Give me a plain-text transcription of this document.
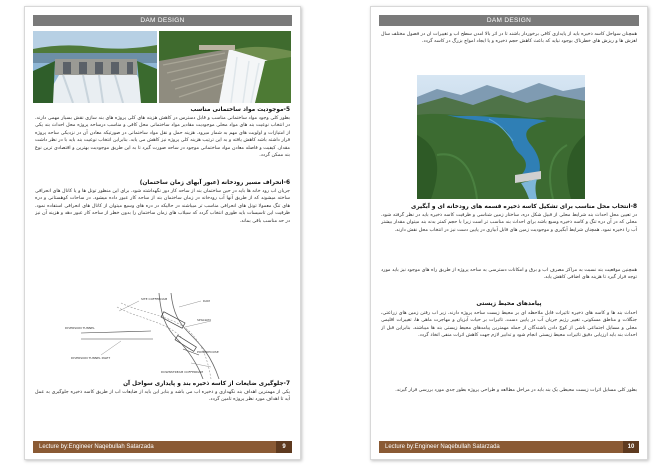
DAM DESIGN

5-موجودیت مواد ساختمانی مناسب

بطور کلی وجود مواد ساختمانی مناسب و قابل دسترس در کاهش هزینه های کلی پروژه های بند سازی نقش بسیار مهمی دارند. در انتخاب نوعیت بند های مواد محلی موجودیت مقادیر مواد ساختمانی محل کافی و مناسب درساحه پروژه محل احداث بند یکی از امتیازات و اولویت های مهم به شمار میرود. هزینه حمل و نقل مواد ساختمانی در صورتیکه معادن آن در نزدیکی ساحه پروژه قرار داشته باشد کاهش یافته و به این ترتیب هزینه کلی پروژه نیز کاهش می یابد. بنابراین انتخاب نوعیت بند باید با در نظر داشت مقدار، کیفیت و فاصله معادن مواد ساختمانی موجود در ساحه صورت گیرد تا به این طریق موجودیت بهترین و اقتصادی ترین نوع بند ممکن گردد.

6-انحراف مسیر رودخانه (عبور آبهای زمان ساختمان)

جریان آب رود خانه ها باید در حین ساختمان بند از ساحه کار دور نگهداشته شود. برای این منظور تونل ها و یا کانال های انحرافی ساخته میشوند که از طریق آنها آب رودخانه در زمان ساختمان بند از ساحه کار عبور داده میشود. در ساحات کوهستانی و دره های تنگ معمولا تونل های انحرافی مناسب تر میباشند در حالیکه در دره های وسیع میتوان از کانال های انحرافی استفاده نمود. ظرفیت این تاسیسات باید طوری انتخاب گردد که سیلاب های زمان ساختمان را بدون خطر از ساحه کار عبور دهد و هزینه آن نیز در حد مناسب باقی بماند.

SITE COFFERDAM
DIVERSION TUNNEL
DAM
SPILLWAY
DIVERSION TUNNEL INLET
DOWNSTREAM COFFERDAM
POWERHOUSE

7-جلوگیری ضایعات از کاسه ذخیره بند و پایداری سواحل آن

یکی از مهمترین اهداف بند نگهداری و ذخیره آب می باشد و بنابر این باید از ضایعات آب از طریق کاسه ذخیره جلوگیری به عمل آید تا اهداف مورد نظر پروژه تامین گردد.

Lecture by:Engineer Naqebullah Satarzada	9
DAM DESIGN

همچنان سواحل کاسه ذخیره باید از پایداری کافی برخوردار باشند تا در اثر بالا آمدن سطح آب و تغییرات آن در فصول مختلف سال لغزش ها و ریزش های خطرناک بوجود نیاید که باعث کاهش حجم ذخیره و یا ایجاد امواج بزرگ در کاسه گردد.

8-انتخاب محل مناسب برای تشکیل کاسه ذخیره قسمه های رودخانه ای و آبگیری

در تعیین محل احداث بند شرایط محلی از قبیل شکل دره، ساختار زمین شناسی و ظرفیت کاسه ذخیره باید در نظر گرفته شود. محلی که در آن دره تنگ و کاسه ذخیره وسیع باشد برای احداث بند مناسب تر است زیرا با حجم کمتر بدنه بند میتوان مقدار بیشتر آب را ذخیره نمود. همچنان شرایط آبگیری و موجودیت زمین های قابل آبیاری در پایین دست نیز در انتخاب محل نقش دارند.

همچنین موقعیت بند نسبت به مراکز مصرف آب و برق و امکانات دسترسی به ساحه پروژه از طریق راه های موجود نیز باید مورد توجه قرار گیرد تا هزینه های اضافی کاهش یابد.

پیامدهای محیط زیستی

احداث بند ها و کاسه های ذخیره تاثیرات قابل ملاحظه ای بر محیط زیست ساحه پروژه دارند. زیر آب رفتن زمین های زراعتی، جنگلات و مناطق مسکونی، تغییر رژیم جریان آب در پایین دست، تاثیرات بر حیات آبزیان و مهاجرت ماهی ها، تغییرات اقلیمی محلی و مسایل اجتماعی ناشی از کوچ دادن باشندگان از جمله مهمترین پیامدهای محیط زیستی بند ها میباشند. بنابراین قبل از احداث بند باید ارزیابی دقیق تاثیرات محیط زیستی انجام شود و تدابیر لازم جهت کاهش اثرات منفی اتخاذ گردد.

بطور کلی مسایل اثرات زیست محیطی یک بند باید در مراحل مطالعه و طراحی پروژه بطور جدی مورد بررسی قرار گیرند.

Lecture by:Engineer Naqebullah Satarzada	10
